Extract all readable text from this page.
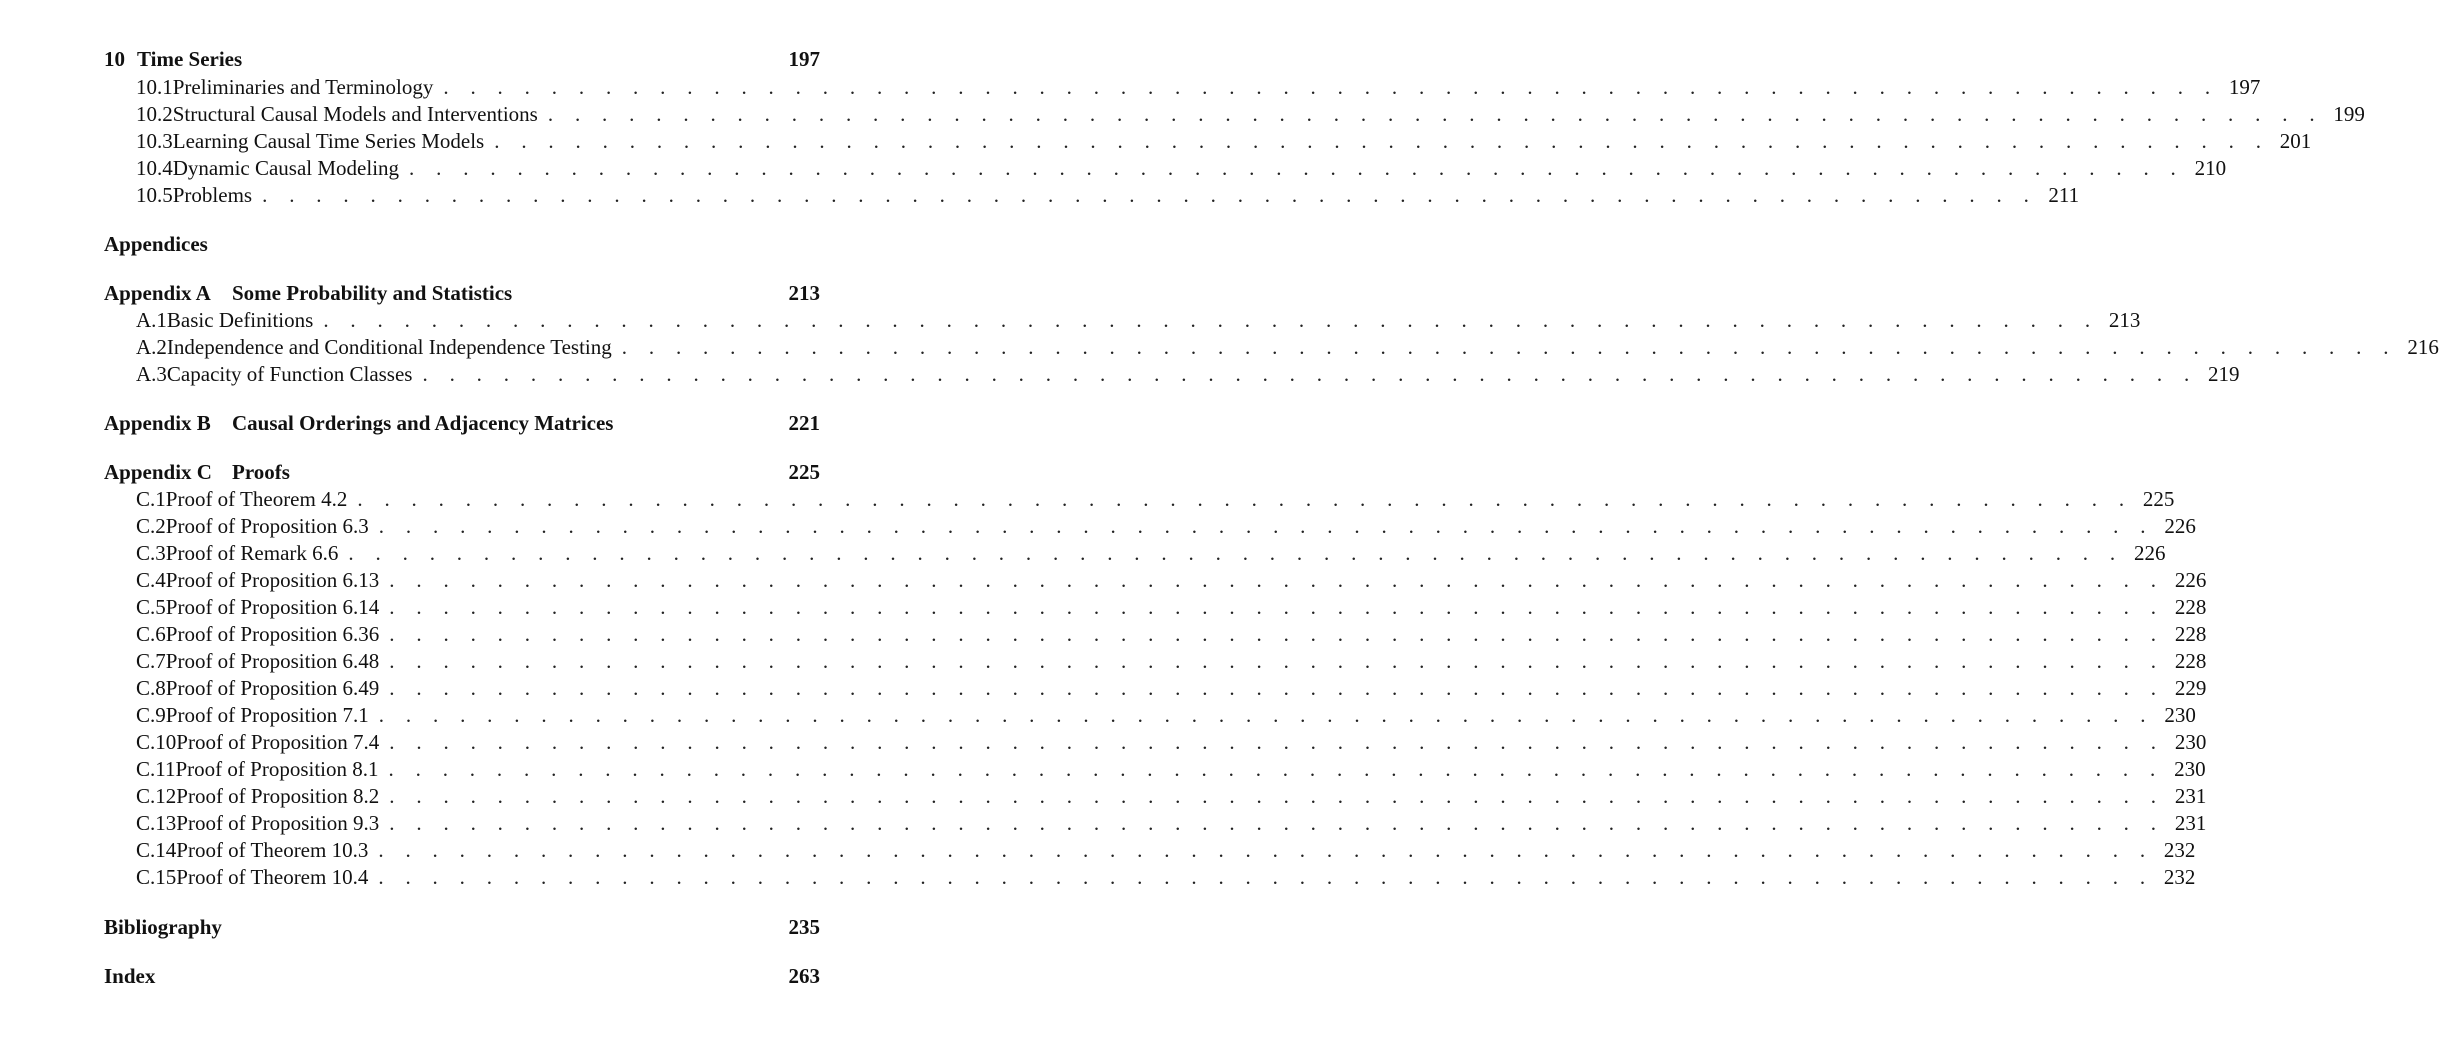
10 Time Series	197
10.1 Preliminaries and Terminology . . . . . . . . . . . . . . . . . . . . . . . . . . . . . . . . . . . . . . . . . . . . . . . . . . . . . . . . . . . . . . . . . . 197
10.2 Structural Causal Models and Interventions . . . . . . . . . . . . . . . . . . . . . . . . . . . . . . . . . . . . . . . . . . . . . . . . . . . . . . . . . . . . . . . . . . 199
10.3 Learning Causal Time Series Models . . . . . . . . . . . . . . . . . . . . . . . . . . . . . . . . . . . . . . . . . . . . . . . . . . . . . . . . . . . . . . . . . . 201
10.4 Dynamic Causal Modeling . . . . . . . . . . . . . . . . . . . . . . . . . . . . . . . . . . . . . . . . . . . . . . . . . . . . . . . . . . . . . . . . . . 210
10.5 Problems . . . . . . . . . . . . . . . . . . . . . . . . . . . . . . . . . . . . . . . . . . . . . . . . . . . . . . . . . . . . . . . . . . 211
Appendices
Appendix A	Some Probability and Statistics	213
A.1 Basic Definitions . . . . . . . . . . . . . . . . . . . . . . . . . . . . . . . . . . . . . . . . . . . . . . . . . . . . . . . . . . . . . . . . . . 213
A.2 Independence and Conditional Independence Testing . . . . . . . . . . . . . . . . . . . . . . . . . . . . . . . . . . . . . . . . . . . . . . . . . . . . . . . . . . . . . . . . . . 216
A.3 Capacity of Function Classes . . . . . . . . . . . . . . . . . . . . . . . . . . . . . . . . . . . . . . . . . . . . . . . . . . . . . . . . . . . . . . . . . . 219
Appendix B	Causal Orderings and Adjacency Matrices	221
Appendix C Proofs	225
C.1 Proof of Theorem 4.2 . . . . . . . . . . . . . . . . . . . . . . . . . . . . . . . . . . . . . . . . . . . . . . . . . . . . . . . . . . . . . . . . . . 225
C.2 Proof of Proposition 6.3 . . . . . . . . . . . . . . . . . . . . . . . . . . . . . . . . . . . . . . . . . . . . . . . . . . . . . . . . . . . . . . . . . . 226
C.3 Proof of Remark 6.6 . . . . . . . . . . . . . . . . . . . . . . . . . . . . . . . . . . . . . . . . . . . . . . . . . . . . . . . . . . . . . . . . . . 226
C.4 Proof of Proposition 6.13 . . . . . . . . . . . . . . . . . . . . . . . . . . . . . . . . . . . . . . . . . . . . . . . . . . . . . . . . . . . . . . . . . . 226
C.5 Proof of Proposition 6.14 . . . . . . . . . . . . . . . . . . . . . . . . . . . . . . . . . . . . . . . . . . . . . . . . . . . . . . . . . . . . . . . . . . 228
C.6 Proof of Proposition 6.36 . . . . . . . . . . . . . . . . . . . . . . . . . . . . . . . . . . . . . . . . . . . . . . . . . . . . . . . . . . . . . . . . . . 228
C.7 Proof of Proposition 6.48 . . . . . . . . . . . . . . . . . . . . . . . . . . . . . . . . . . . . . . . . . . . . . . . . . . . . . . . . . . . . . . . . . . 228
C.8 Proof of Proposition 6.49 . . . . . . . . . . . . . . . . . . . . . . . . . . . . . . . . . . . . . . . . . . . . . . . . . . . . . . . . . . . . . . . . . . 229
C.9 Proof of Proposition 7.1 . . . . . . . . . . . . . . . . . . . . . . . . . . . . . . . . . . . . . . . . . . . . . . . . . . . . . . . . . . . . . . . . . . 230
C.10 Proof of Proposition 7.4 . . . . . . . . . . . . . . . . . . . . . . . . . . . . . . . . . . . . . . . . . . . . . . . . . . . . . . . . . . . . . . . . . . 230
C.11 Proof of Proposition 8.1 . . . . . . . . . . . . . . . . . . . . . . . . . . . . . . . . . . . . . . . . . . . . . . . . . . . . . . . . . . . . . . . . . . 230
C.12 Proof of Proposition 8.2 . . . . . . . . . . . . . . . . . . . . . . . . . . . . . . . . . . . . . . . . . . . . . . . . . . . . . . . . . . . . . . . . . . 231
C.13 Proof of Proposition 9.3 . . . . . . . . . . . . . . . . . . . . . . . . . . . . . . . . . . . . . . . . . . . . . . . . . . . . . . . . . . . . . . . . . . 231
C.14 Proof of Theorem 10.3 . . . . . . . . . . . . . . . . . . . . . . . . . . . . . . . . . . . . . . . . . . . . . . . . . . . . . . . . . . . . . . . . . . 232
C.15 Proof of Theorem 10.4 . . . . . . . . . . . . . . . . . . . . . . . . . . . . . . . . . . . . . . . . . . . . . . . . . . . . . . . . . . . . . . . . . . 232
Bibliography	235
Index	263
